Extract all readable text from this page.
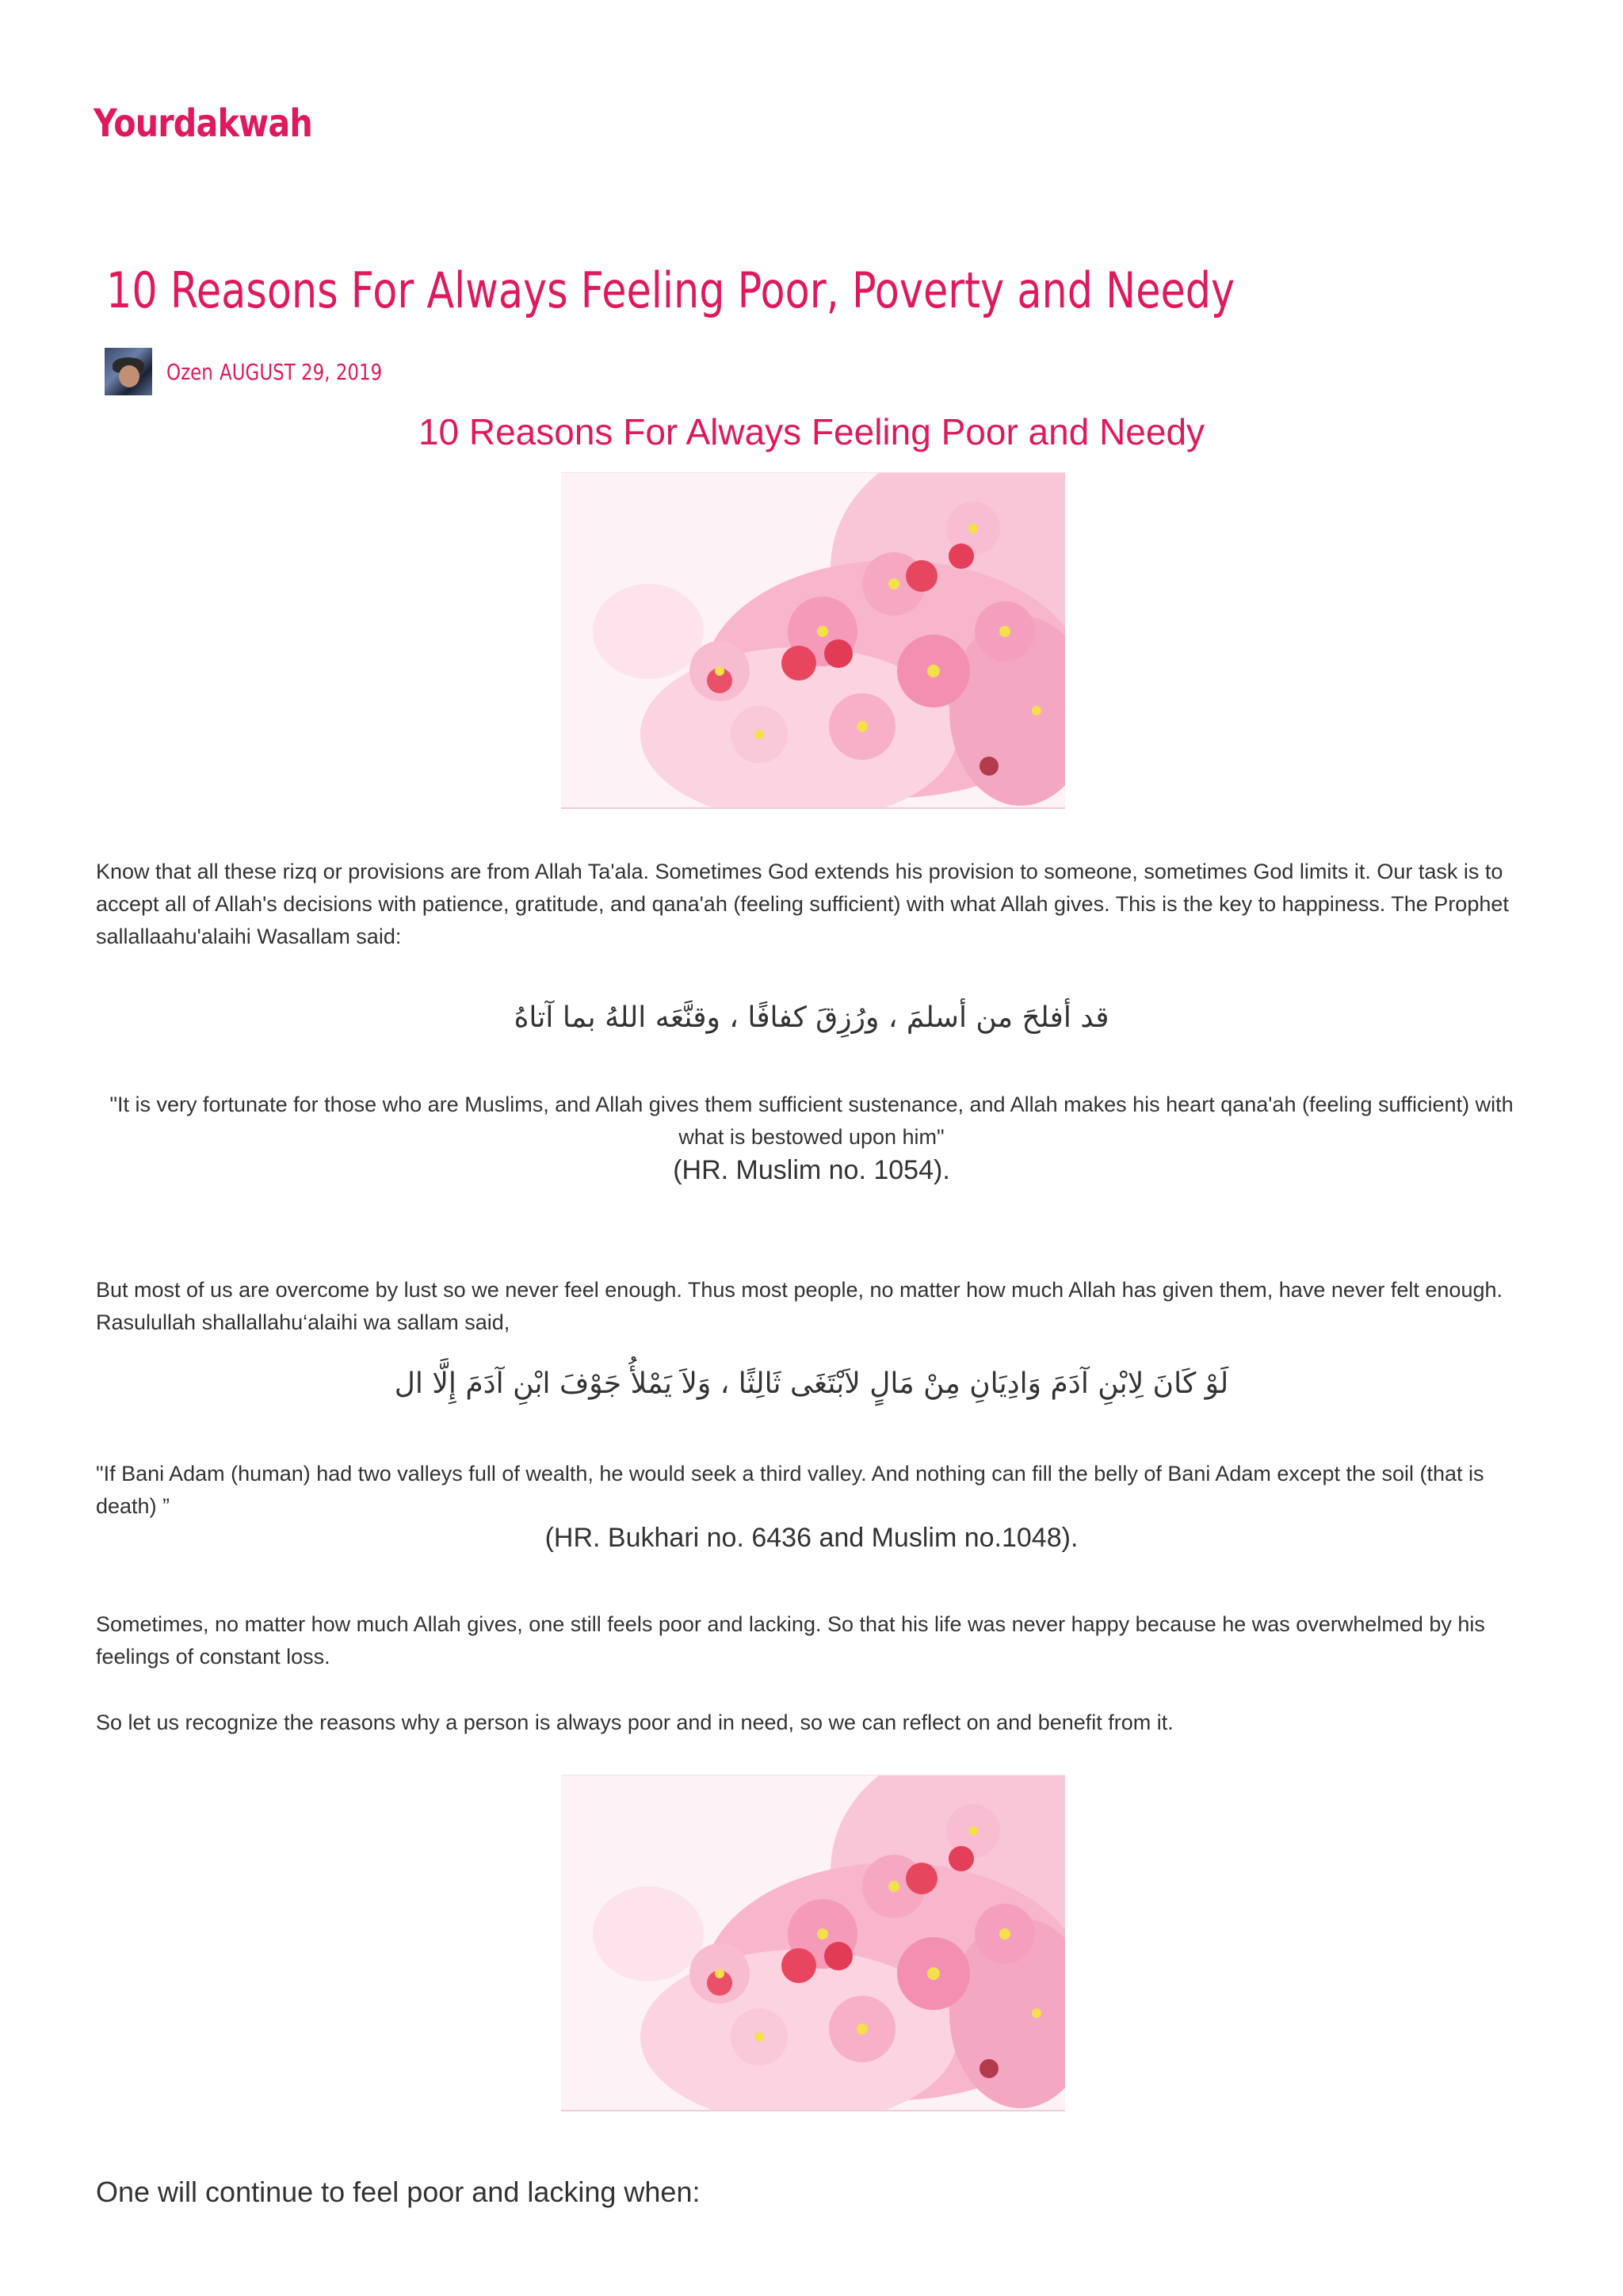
Yourdakwah
10 Reasons For Always Feeling Poor, Poverty and Needy
Ozen AUGUST 29, 2019
10 Reasons For Always Feeling Poor and Needy

Know that all these rizq or provisions are from Allah Ta'ala. Sometimes God extends his provision to someone, sometimes God limits it. Our task is to accept all of Allah's decisions with patience, gratitude, and qana'ah (feeling sufficient) with what Allah gives. This is the key to happiness. The Prophet sallallaahu'alaihi Wasallam said:

قد أفلحَ من أسلمَ ، ورُزِقَ كفافًا ، وقنَّعَه اللهُ بما آتاهُ

"It is very fortunate for those who are Muslims, and Allah gives them sufficient sustenance, and Allah makes his heart qana'ah (feeling sufficient) with what is bestowed upon him"

(HR. Muslim no. 1054).

But most of us are overcome by lust so we never feel enough. Thus most people, no matter how much Allah has given them, have never felt enough. Rasulullah shallallahu‘alaihi wa sallam said,

لَوْ كَانَ لِابْنِ آدَمَ وَادِيَانِ مِنْ مَالٍ لاَبْتَغَى ثَالِثًا ، وَلاَ يَمْلأُ جَوْفَ ابْنِ آدَمَ إِلَّا ال

"If Bani Adam (human) had two valleys full of wealth, he would seek a third valley. And nothing can fill the belly of Bani Adam except the soil (that is death) ”

(HR. Bukhari no. 6436 and Muslim no.1048).

Sometimes, no matter how much Allah gives, one still feels poor and lacking. So that his life was never happy because he was overwhelmed by his feelings of constant loss.

So let us recognize the reasons why a person is always poor and in need, so we can reflect on and benefit from it.

One will continue to feel poor and lacking when:
